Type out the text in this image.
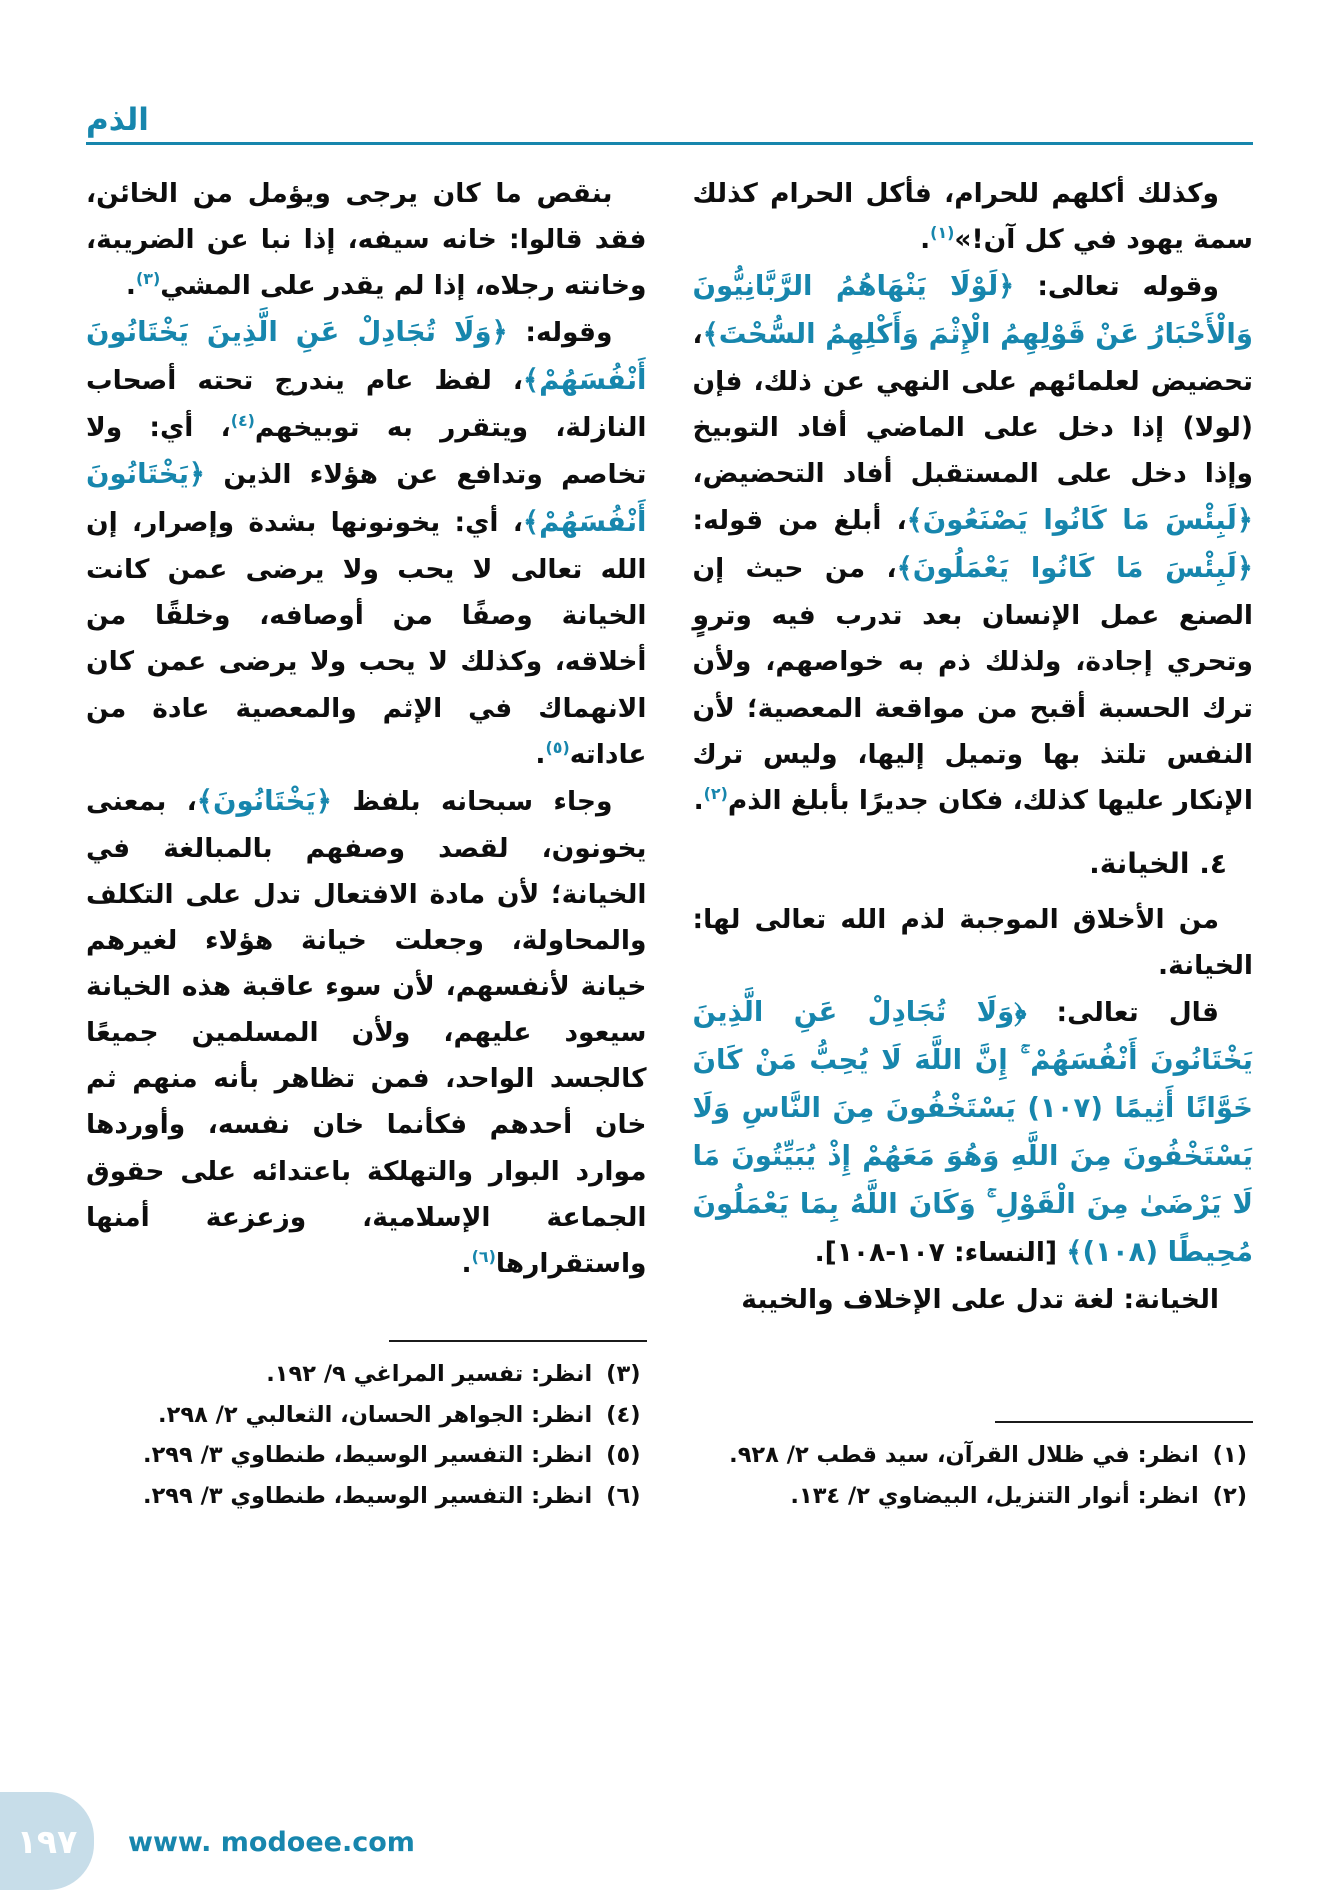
الذم
وكذلك أكلهم للحرام، فأكل الحرام كذلك سمة يهود في كل آن!»$^{(١)}$.
وقوله تعالى: ﴿لَوْلَا يَنْهَاهُمُ الرَّبَّانِيُّونَ وَالْأَحْبَارُ عَنْ قَوْلِهِمُ الْإِثْمَ وَأَكْلِهِمُ السُّحْتَ﴾، تحضيض لعلمائهم على النهي عن ذلك، فإن (لولا) إذا دخل على الماضي أفاد التوبيخ وإذا دخل على المستقبل أفاد التحضيض، ﴿لَبِئْسَ مَا كَانُوا يَصْنَعُونَ﴾، أبلغ من قوله: ﴿لَبِئْسَ مَا كَانُوا يَعْمَلُونَ﴾، من حيث إن الصنع عمل الإنسان بعد تدرب فيه وتروٍ وتحري إجادة، ولذلك ذم به خواصهم، ولأن ترك الحسبة أقبح من مواقعة المعصية؛ لأن النفس تلتذ بها وتميل إليها، وليس ترك الإنكار عليها كذلك، فكان جديرًا بأبلغ الذم$^{(٢)}$.
٤. الخيانة.
من الأخلاق الموجبة لذم الله تعالى لها: الخيانة.
قال تعالى: ﴿وَلَا تُجَادِلْ عَنِ الَّذِينَ يَخْتَانُونَ أَنْفُسَهُمْ ۚ إِنَّ اللَّهَ لَا يُحِبُّ مَنْ كَانَ خَوَّانًا أَثِيمًا (١٠٧) يَسْتَخْفُونَ مِنَ النَّاسِ وَلَا يَسْتَخْفُونَ مِنَ اللَّهِ وَهُوَ مَعَهُمْ إِذْ يُبَيِّتُونَ مَا لَا يَرْضَىٰ مِنَ الْقَوْلِ ۚ وَكَانَ اللَّهُ بِمَا يَعْمَلُونَ مُحِيطًا (١٠٨)﴾ [النساء: ١٠٧-١٠٨].
الخيانة: لغة تدل على الإخلاف والخيبة
(١)
انظر: في ظلال القرآن، سيد قطب ٢/ ٩٢٨.
(٢)
انظر: أنوار التنزيل، البيضاوي ٢/ ١٣٤.
بنقص ما كان يرجى ويؤمل من الخائن، فقد قالوا: خانه سيفه، إذا نبا عن الضريبة، وخانته رجلاه، إذا لم يقدر على المشي$^{(٣)}$.
وقوله: ﴿وَلَا تُجَادِلْ عَنِ الَّذِينَ يَخْتَانُونَ أَنْفُسَهُمْ﴾، لفظ عام يندرج تحته أصحاب النازلة، ويتقرر به توبيخهم$^{(٤)}$، أي: ولا تخاصم وتدافع عن هؤلاء الذين ﴿يَخْتَانُونَ أَنْفُسَهُمْ﴾، أي: يخونونها بشدة وإصرار، إن الله تعالى لا يحب ولا يرضى عمن كانت الخيانة وصفًا من أوصافه، وخلقًا من أخلاقه، وكذلك لا يحب ولا يرضى عمن كان الانهماك في الإثم والمعصية عادة من عاداته$^{(٥)}$.
وجاء سبحانه بلفظ ﴿يَخْتَانُونَ﴾، بمعنى يخونون، لقصد وصفهم بالمبالغة في الخيانة؛ لأن مادة الافتعال تدل على التكلف والمحاولة، وجعلت خيانة هؤلاء لغيرهم خيانة لأنفسهم، لأن سوء عاقبة هذه الخيانة سيعود عليهم، ولأن المسلمين جميعًا كالجسد الواحد، فمن تظاهر بأنه منهم ثم خان أحدهم فكأنما خان نفسه، وأوردها موارد البوار والتهلكة باعتدائه على حقوق الجماعة الإسلامية، وزعزعة أمنها واستقرارها$^{(٦)}$.
(٣)
انظر: تفسير المراغي ٩/ ١٩٢.
(٤)
انظر: الجواهر الحسان، الثعالبي ٢/ ٢٩٨.
(٥)
انظر: التفسير الوسيط، طنطاوي ٣/ ٢٩٩.
(٦)
انظر: التفسير الوسيط، طنطاوي ٣/ ٢٩٩.
١٩٧ www. modoee.com
